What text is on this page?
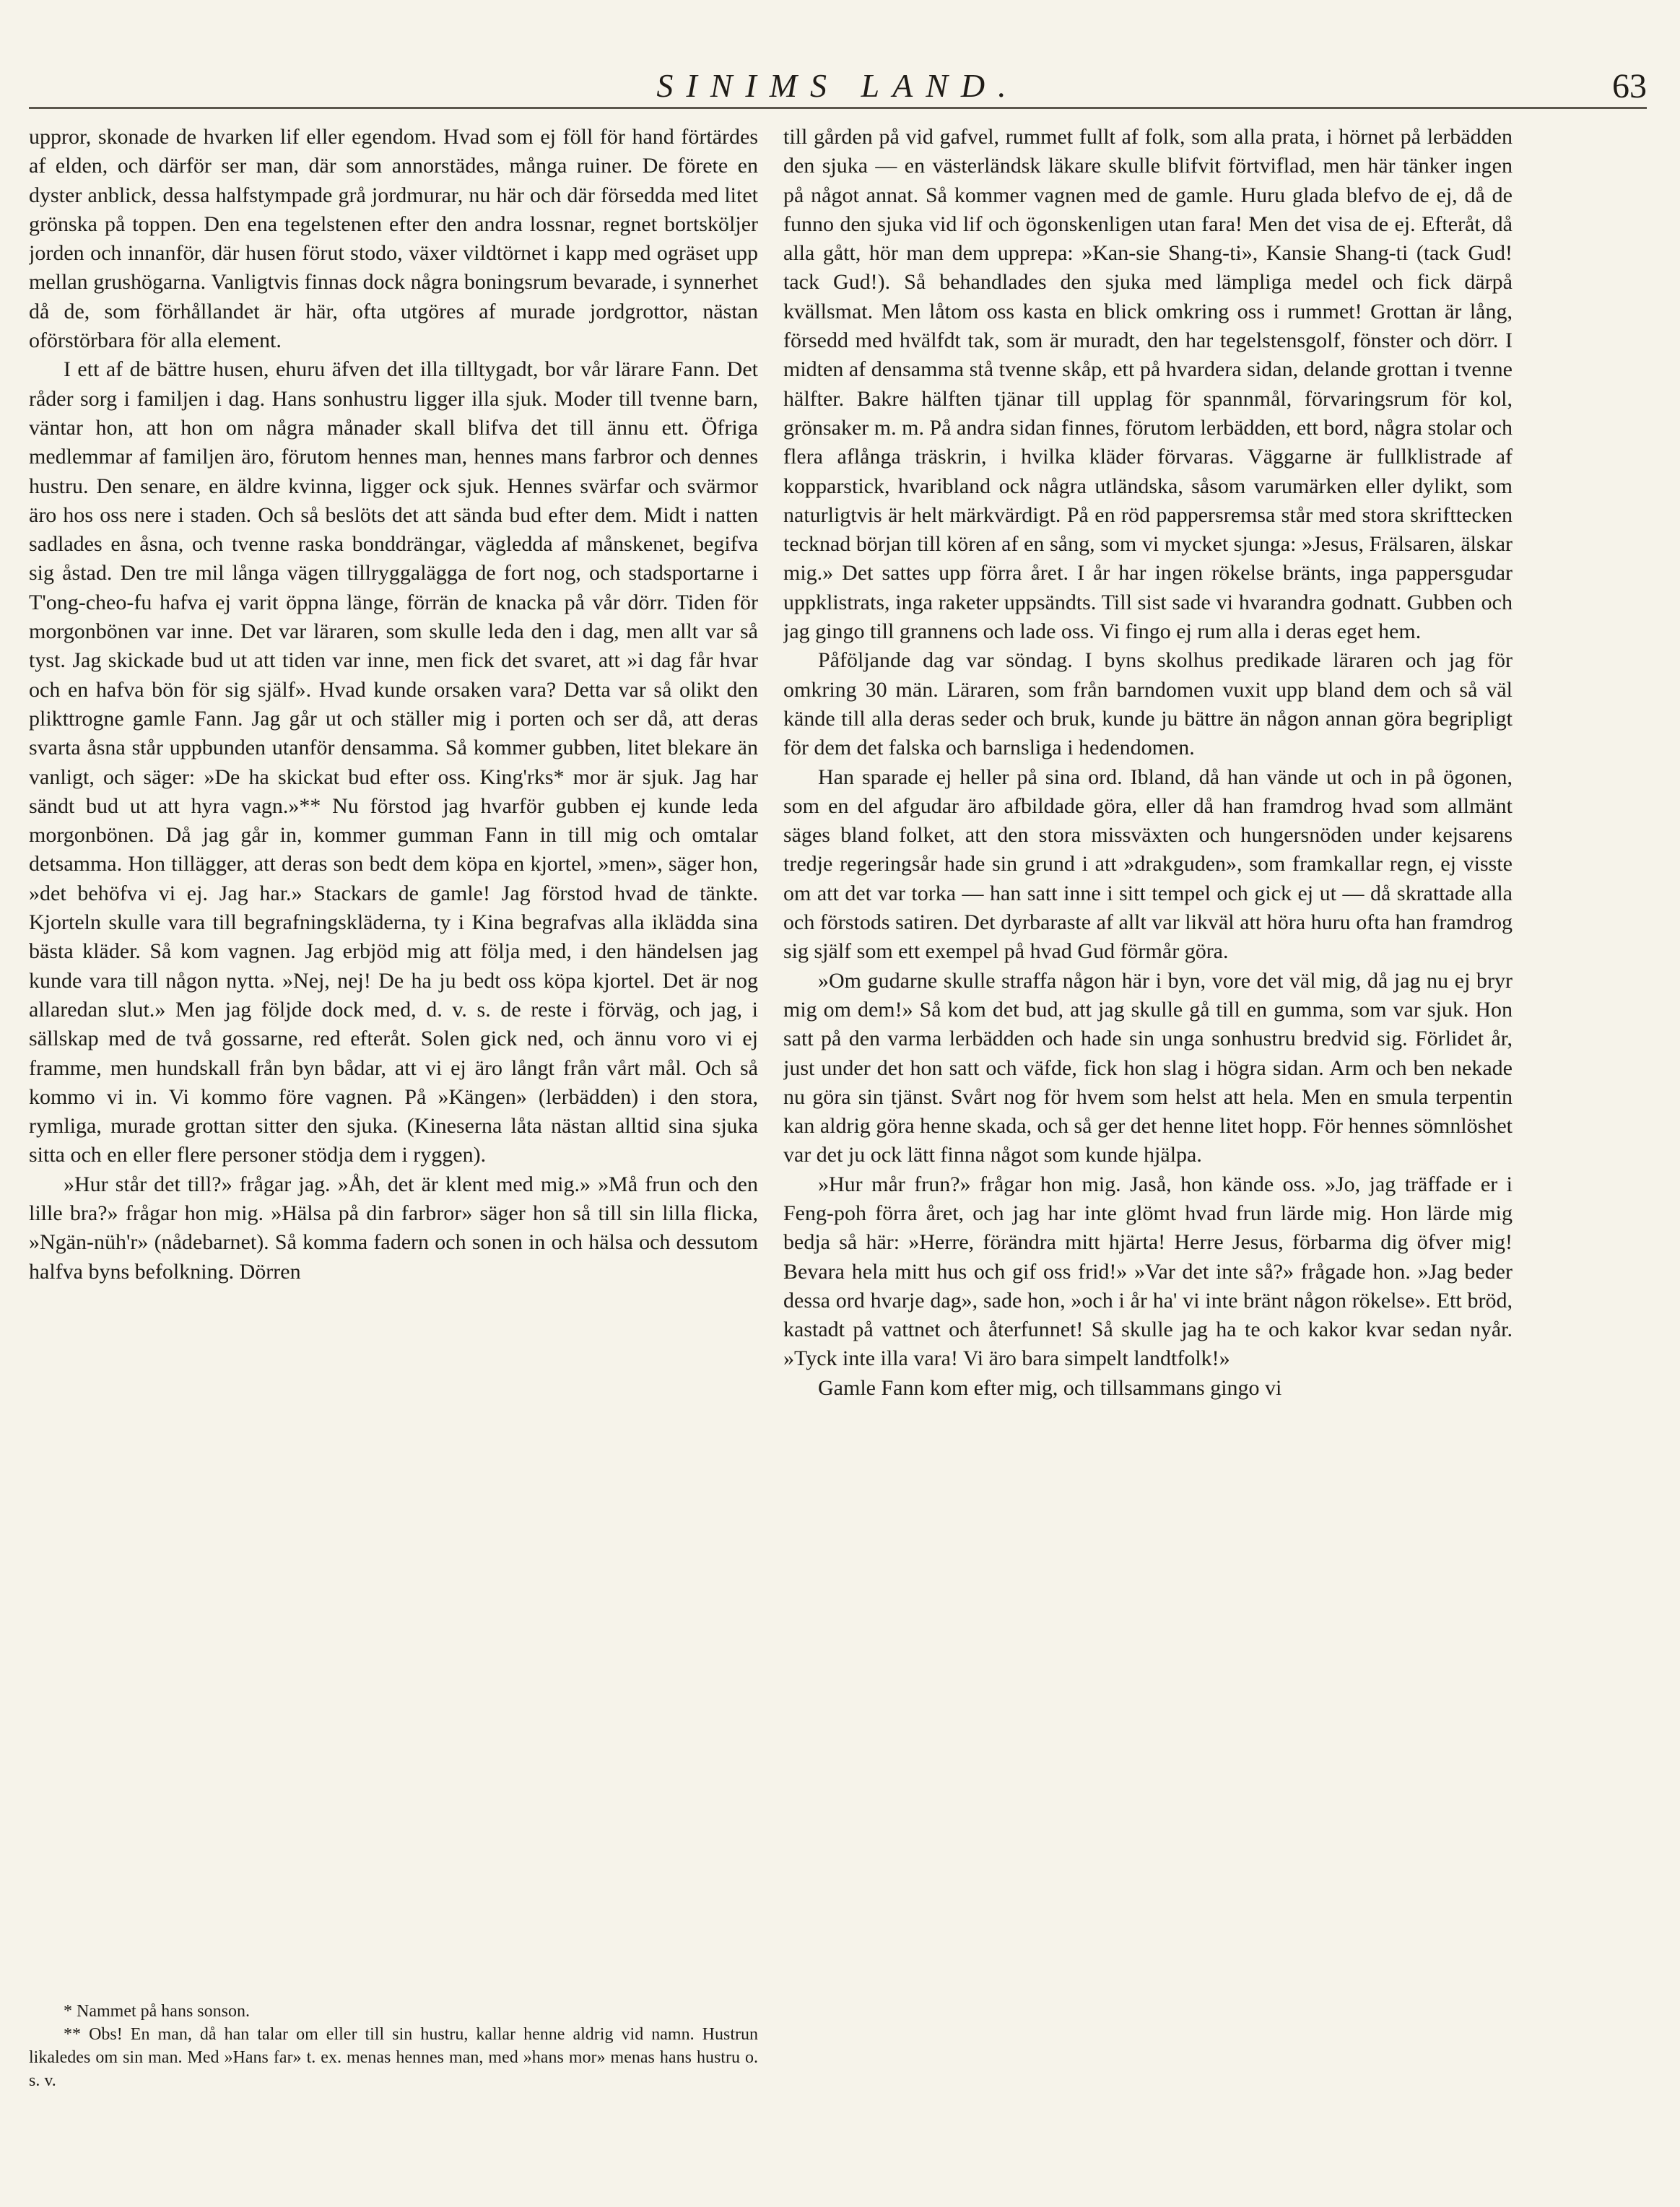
SINIMS LAND.	63

uppror, skonade de hvarken lif eller egendom. Hvad som ej föll för hand förtärdes af elden, och därför ser man, där som annorstädes, många ruiner. De förete en dyster anblick, dessa halfstympade grå jordmurar, nu här och där försedda med litet grönska på toppen. Den ena tegelstenen efter den andra lossnar, regnet bortsköljer jorden och innanför, där husen förut stodo, växer vildtörnet i kapp med ogräset upp mellan grushögarna. Vanligtvis finnas dock några boningsrum bevarade, i synnerhet då de, som förhållandet är här, ofta utgöres af murade jordgrottor, nästan oförstörbara för alla element.

I ett af de bättre husen, ehuru äfven det illa tilltygadt, bor vår lärare Fann. Det råder sorg i familjen i dag. Hans sonhustru ligger illa sjuk. Moder till tvenne barn, väntar hon, att hon om några månader skall blifva det till ännu ett. Öfriga medlemmar af familjen äro, förutom hennes man, hennes mans farbror och dennes hustru. Den senare, en äldre kvinna, ligger ock sjuk. Hennes svärfar och svärmor äro hos oss nere i staden. Och så beslöts det att sända bud efter dem. Midt i natten sadlades en åsna, och tvenne raska bonddrängar, vägledda af månskenet, begifva sig åstad. Den tre mil långa vägen tillryggalägga de fort nog, och stadsportarne i T'ong-cheo-fu hafva ej varit öppna länge, förrän de knacka på vår dörr. Tiden för morgonbönen var inne. Det var läraren, som skulle leda den i dag, men allt var så tyst. Jag skickade bud ut att tiden var inne, men fick det svaret, att »i dag får hvar och en hafva bön för sig själf». Hvad kunde orsaken vara? Detta var så olikt den plikttrogne gamle Fann. Jag går ut och ställer mig i porten och ser då, att deras svarta åsna står uppbunden utanför densamma. Så kommer gubben, litet blekare än vanligt, och säger: »De ha skickat bud efter oss. King'rks* mor är sjuk. Jag har sändt bud ut att hyra vagn.»** Nu förstod jag hvarför gubben ej kunde leda morgonbönen. Då jag går in, kommer gumman Fann in till mig och omtalar detsamma. Hon tillägger, att deras son bedt dem köpa en kjortel, »men», säger hon, »det behöfva vi ej. Jag har.» Stackars de gamle! Jag förstod hvad de tänkte. Kjorteln skulle vara till begrafningskläderna, ty i Kina begrafvas alla iklädda sina bästa kläder. Så kom vagnen. Jag erbjöd mig att följa med, i den händelsen jag kunde vara till någon nytta. »Nej, nej! De ha ju bedt oss köpa kjortel. Det är nog allaredan slut.» Men jag följde dock med, d. v. s. de reste i förväg, och jag, i sällskap med de två gossarne, red efteråt. Solen gick ned, och ännu voro vi ej framme, men hundskall från byn bådar, att vi ej äro långt från vårt mål. Och så kommo vi in. Vi kommo före vagnen. På »Kängen» (lerbädden) i den stora, rymliga, murade grottan sitter den sjuka. (Kineserna låta nästan alltid sina sjuka sitta och en eller flere personer stödja dem i ryggen).

»Hur står det till?» frågar jag. »Åh, det är klent med mig.» »Må frun och den lille bra?» frågar hon mig. »Hälsa på din farbror» säger hon så till sin lilla flicka, »Ngän-nüh'r» (nådebarnet). Så komma fadern och sonen in och hälsa och dessutom halfva byns befolkning. Dörren

* Nammet på hans sonson.

** Obs! En man, då han talar om eller till sin hustru, kallar henne aldrig vid namn. Hustrun likaledes om sin man. Med »Hans far» t. ex. menas hennes man, med »hans mor» menas hans hustru o. s. v.

till gården på vid gafvel, rummet fullt af folk, som alla prata, i hörnet på lerbädden den sjuka — en västerländsk läkare skulle blifvit förtviflad, men här tänker ingen på något annat. Så kommer vagnen med de gamle. Huru glada blefvo de ej, då de funno den sjuka vid lif och ögonskenligen utan fara! Men det visa de ej. Efteråt, då alla gått, hör man dem upprepa: »Kan-sie Shang-ti», Kansie Shang-ti (tack Gud! tack Gud!). Så behandlades den sjuka med lämpliga medel och fick därpå kvällsmat. Men låtom oss kasta en blick omkring oss i rummet! Grottan är lång, försedd med hvälfdt tak, som är muradt, den har tegelstensgolf, fönster och dörr. I midten af densamma stå tvenne skåp, ett på hvardera sidan, delande grottan i tvenne hälfter. Bakre hälften tjänar till upplag för spannmål, förvaringsrum för kol, grönsaker m. m. På andra sidan finnes, förutom lerbädden, ett bord, några stolar och flera aflånga träskrin, i hvilka kläder förvaras. Väggarne är fullklistrade af kopparstick, hvaribland ock några utländska, såsom varumärken eller dylikt, som naturligtvis är helt märkvärdigt. På en röd pappersremsa står med stora skrifttecken tecknad början till kören af en sång, som vi mycket sjunga: »Jesus, Frälsaren, älskar mig.» Det sattes upp förra året. I år har ingen rökelse bränts, inga pappersgudar uppklistrats, inga raketer uppsändts. Till sist sade vi hvarandra godnatt. Gubben och jag gingo till grannens och lade oss. Vi fingo ej rum alla i deras eget hem.

Påföljande dag var söndag. I byns skolhus predikade läraren och jag för omkring 30 män. Läraren, som från barndomen vuxit upp bland dem och så väl kände till alla deras seder och bruk, kunde ju bättre än någon annan göra begripligt för dem det falska och barnsliga i hedendomen.

Han sparade ej heller på sina ord. Ibland, då han vände ut och in på ögonen, som en del afgudar äro afbildade göra, eller då han framdrog hvad som allmänt säges bland folket, att den stora missväxten och hungersnöden under kejsarens tredje regeringsår hade sin grund i att »drakguden», som framkallar regn, ej visste om att det var torka — han satt inne i sitt tempel och gick ej ut — då skrattade alla och förstods satiren. Det dyrbaraste af allt var likväl att höra huru ofta han framdrog sig själf som ett exempel på hvad Gud förmår göra.

»Om gudarne skulle straffa någon här i byn, vore det väl mig, då jag nu ej bryr mig om dem!» Så kom det bud, att jag skulle gå till en gumma, som var sjuk. Hon satt på den varma lerbädden och hade sin unga sonhustru bredvid sig. Förlidet år, just under det hon satt och väfde, fick hon slag i högra sidan. Arm och ben nekade nu göra sin tjänst. Svårt nog för hvem som helst att hela. Men en smula terpentin kan aldrig göra henne skada, och så ger det henne litet hopp. För hennes sömnlöshet var det ju ock lätt finna något som kunde hjälpa.

»Hur mår frun?» frågar hon mig. Jaså, hon kände oss. »Jo, jag träffade er i Feng-poh förra året, och jag har inte glömt hvad frun lärde mig. Hon lärde mig bedja så här: »Herre, förändra mitt hjärta! Herre Jesus, förbarma dig öfver mig! Bevara hela mitt hus och gif oss frid!» »Var det inte så?» frågade hon. »Jag beder dessa ord hvarje dag», sade hon, »och i år ha' vi inte bränt någon rökelse». Ett bröd, kastadt på vattnet och återfunnet! Så skulle jag ha te och kakor kvar sedan nyår. »Tyck inte illa vara! Vi äro bara simpelt landtfolk!»

Gamle Fann kom efter mig, och tillsammans gingo vi
